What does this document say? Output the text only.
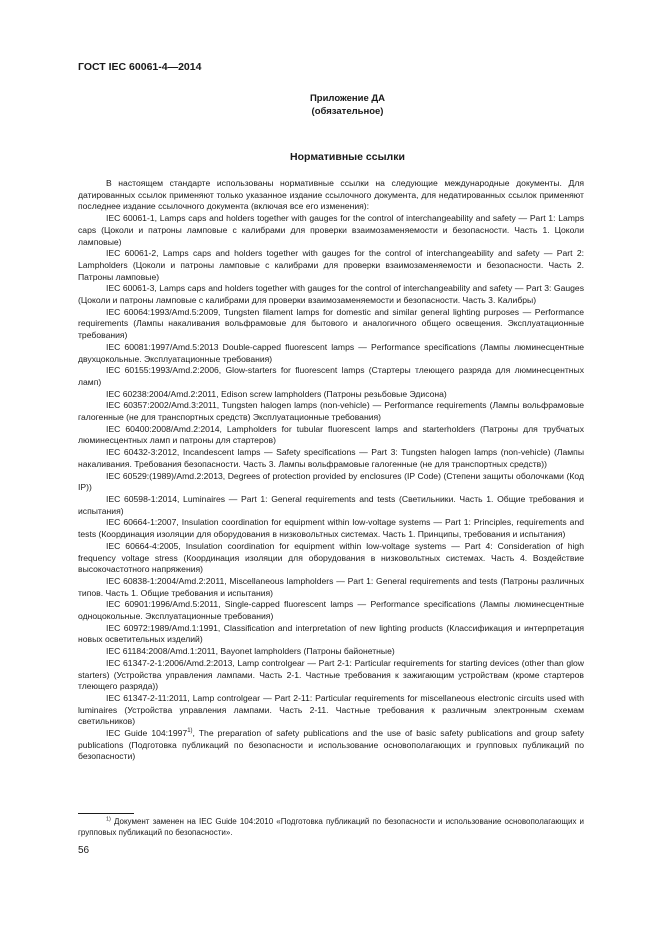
ГОСТ IEC 60061-4—2014

Приложение ДА
(обязательное)

Нормативные ссылки

В настоящем стандарте использованы нормативные ссылки на следующие международные документы. Для датированных ссылок применяют только указанное издание ссылочного документа, для недатированных ссылок применяют последнее издание ссылочного документа (включая все его изменения):

IEC 60061-1, Lamps caps and holders together with gauges for the control of interchangeability and safety — Part 1: Lamps caps (Цоколи и патроны ламповые с калибрами для проверки взаимозаменяемости и безопасности. Часть 1. Цоколи ламповые)

IEC 60061-2, Lamps caps and holders together with gauges for the control of interchangeability and safety — Part 2: Lampholders (Цоколи и патроны ламповые с калибрами для проверки взаимозаменяемости и безопасности. Часть 2. Патроны ламповые)

IEC 60061-3, Lamps caps and holders together with gauges for the control of interchangeability and safety — Part 3: Gauges (Цоколи и патроны ламповые с калибрами для проверки взаимозаменяемости и безопасности. Часть 3. Калибры)

IEC 60064:1993/Amd.5:2009, Tungsten filament lamps for domestic and similar general lighting purposes — Performance requirements (Лампы накаливания вольфрамовые для бытового и аналогичного общего освещения. Эксплуатационные требования)

IEC 60081:1997/Amd.5:2013 Double-capped fluorescent lamps — Performance specifications (Лампы люминесцентные двухцокольные. Эксплуатационные требования)

IEC 60155:1993/Amd.2:2006, Glow-starters for fluorescent lamps (Стартеры тлеющего разряда для люминесцентных ламп)

IEC 60238:2004/Amd.2:2011, Edison screw lampholders (Патроны резьбовые Эдисона)

IEC 60357:2002/Amd.3:2011, Tungsten halogen lamps (non-vehicle) — Performance requirements (Лампы вольфрамовые галогенные (не для транспортных средств) Эксплуатационные требования)

IEC 60400:2008/Amd.2:2014, Lampholders for tubular fluorescent lamps and starterholders (Патроны для трубчатых люминесцентных ламп и патроны для стартеров)

IEC 60432-3:2012, Incandescent lamps — Safety specifications — Part 3: Tungsten halogen lamps (non-vehicle) (Лампы накаливания. Требования безопасности. Часть 3. Лампы вольфрамовые галогенные (не для транспортных средств))

IEC 60529:(1989)/Amd.2:2013, Degrees of protection provided by enclosures (IP Code) (Степени защиты оболочками (Код IP))

IEC 60598-1:2014, Luminaires — Part 1: General requirements and tests (Светильники. Часть 1. Общие требования и испытания)

IEC 60664-1:2007, Insulation coordination for equipment within low-voltage systems — Part 1: Principles, requirements and tests (Координация изоляции для оборудования в низковольтных системах. Часть 1. Принципы, требования и испытания)

IEC 60664-4:2005, Insulation coordination for equipment within low-voltage systems — Part 4: Consideration of high frequency voltage stress (Координация изоляции для оборудования в низковольтных системах. Часть 4. Воздействие высокочастотного напряжения)

IEC 60838-1:2004/Amd.2:2011, Miscellaneous lampholders — Part 1: General requirements and tests (Патроны различных типов. Часть 1. Общие требования и испытания)

IEC 60901:1996/Amd.5:2011, Single-capped fluorescent lamps — Performance specifications (Лампы люминесцентные одноцокольные. Эксплуатационные требования)

IEC 60972:1989/Amd.1:1991, Classification and interpretation of new lighting products (Классификация и интерпретация новых осветительных изделий)

IEC 61184:2008/Amd.1:2011, Bayonet lampholders (Патроны байонетные)

IEC 61347-2-1:2006/Amd.2:2013, Lamp controlgear — Part 2-1: Particular requirements for starting devices (other than glow starters) (Устройства управления лампами. Часть 2-1. Частные требования к зажигающим устройствам (кроме стартеров тлеющего разряда))

IEC 61347-2-11:2011, Lamp controlgear — Part 2-11: Particular requirements for miscellaneous electronic circuits used with luminaires (Устройства управления лампами. Часть 2-11. Частные требования к различным электронным схемам светильников)

IEC Guide 104:1997$^{1)}$, The preparation of safety publications and the use of basic safety publications and group safety publications (Подготовка публикаций по безопасности и использование основополагающих и групповых публикаций по безопасности)

$^{1)}$ Документ заменен на IEC Guide 104:2010 «Подготовка публикаций по безопасности и использование основополагающих и групповых публикаций по безопасности».

56
